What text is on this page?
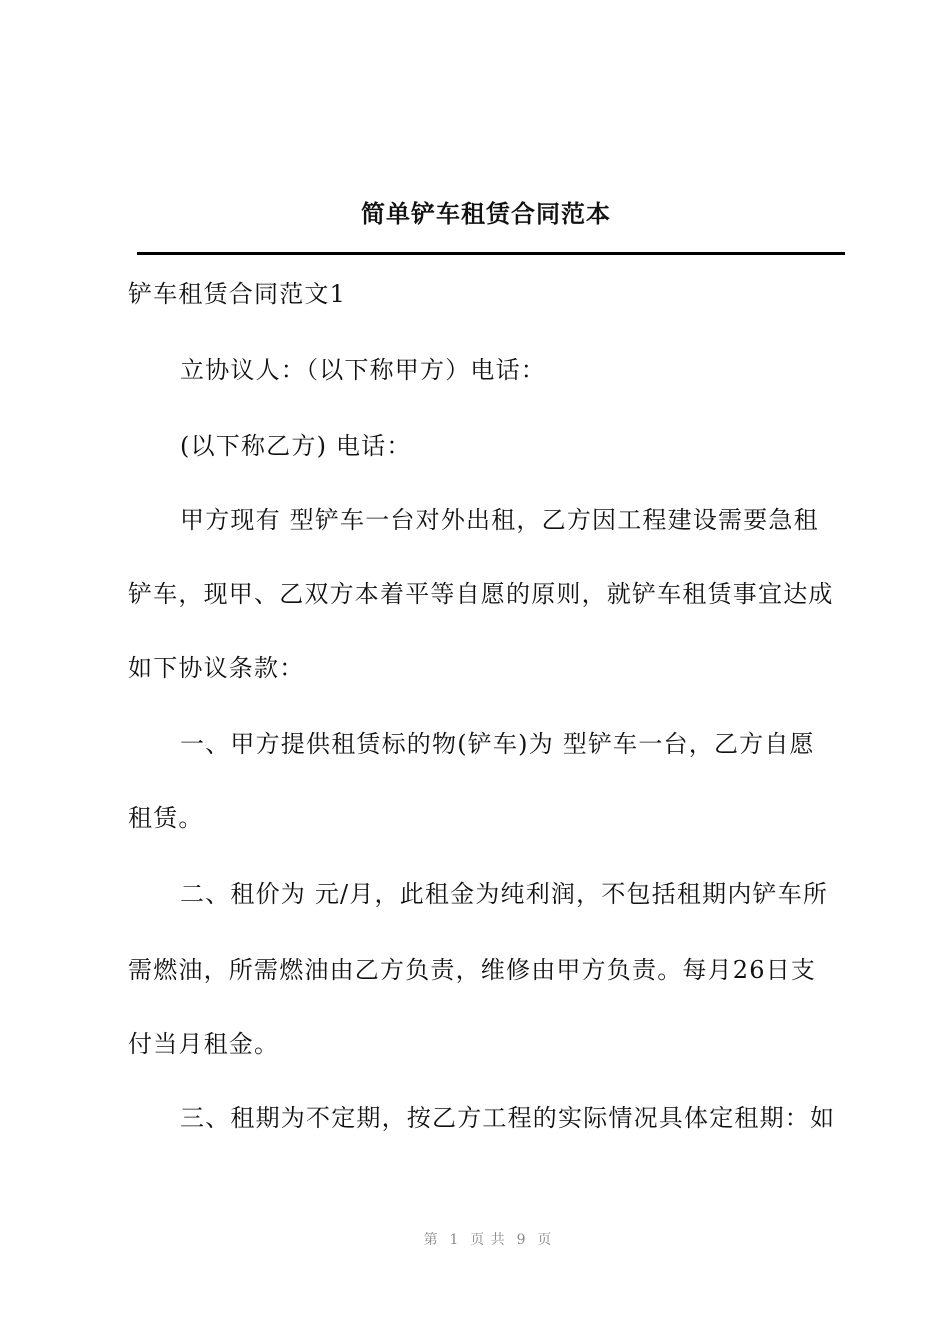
简单铲车租赁合同范本
铲车租赁合同范文1
立协议人：（以下称甲方）电话：
(以下称乙方) 电话：
甲方现有 型铲车一台对外出租，乙方因工程建设需要急租
铲车，现甲、乙双方本着平等自愿的原则，就铲车租赁事宜达成
如下协议条款：
一、甲方提供租赁标的物(铲车)为 型铲车一台，乙方自愿
租赁。
二、租价为 元/月，此租金为纯利润，不包括租期内铲车所
需燃油，所需燃油由乙方负责，维修由甲方负责。每月26日支
付当月租金。
三、租期为不定期，按乙方工程的实际情况具体定租期：如
第  1  页 共  9  页
